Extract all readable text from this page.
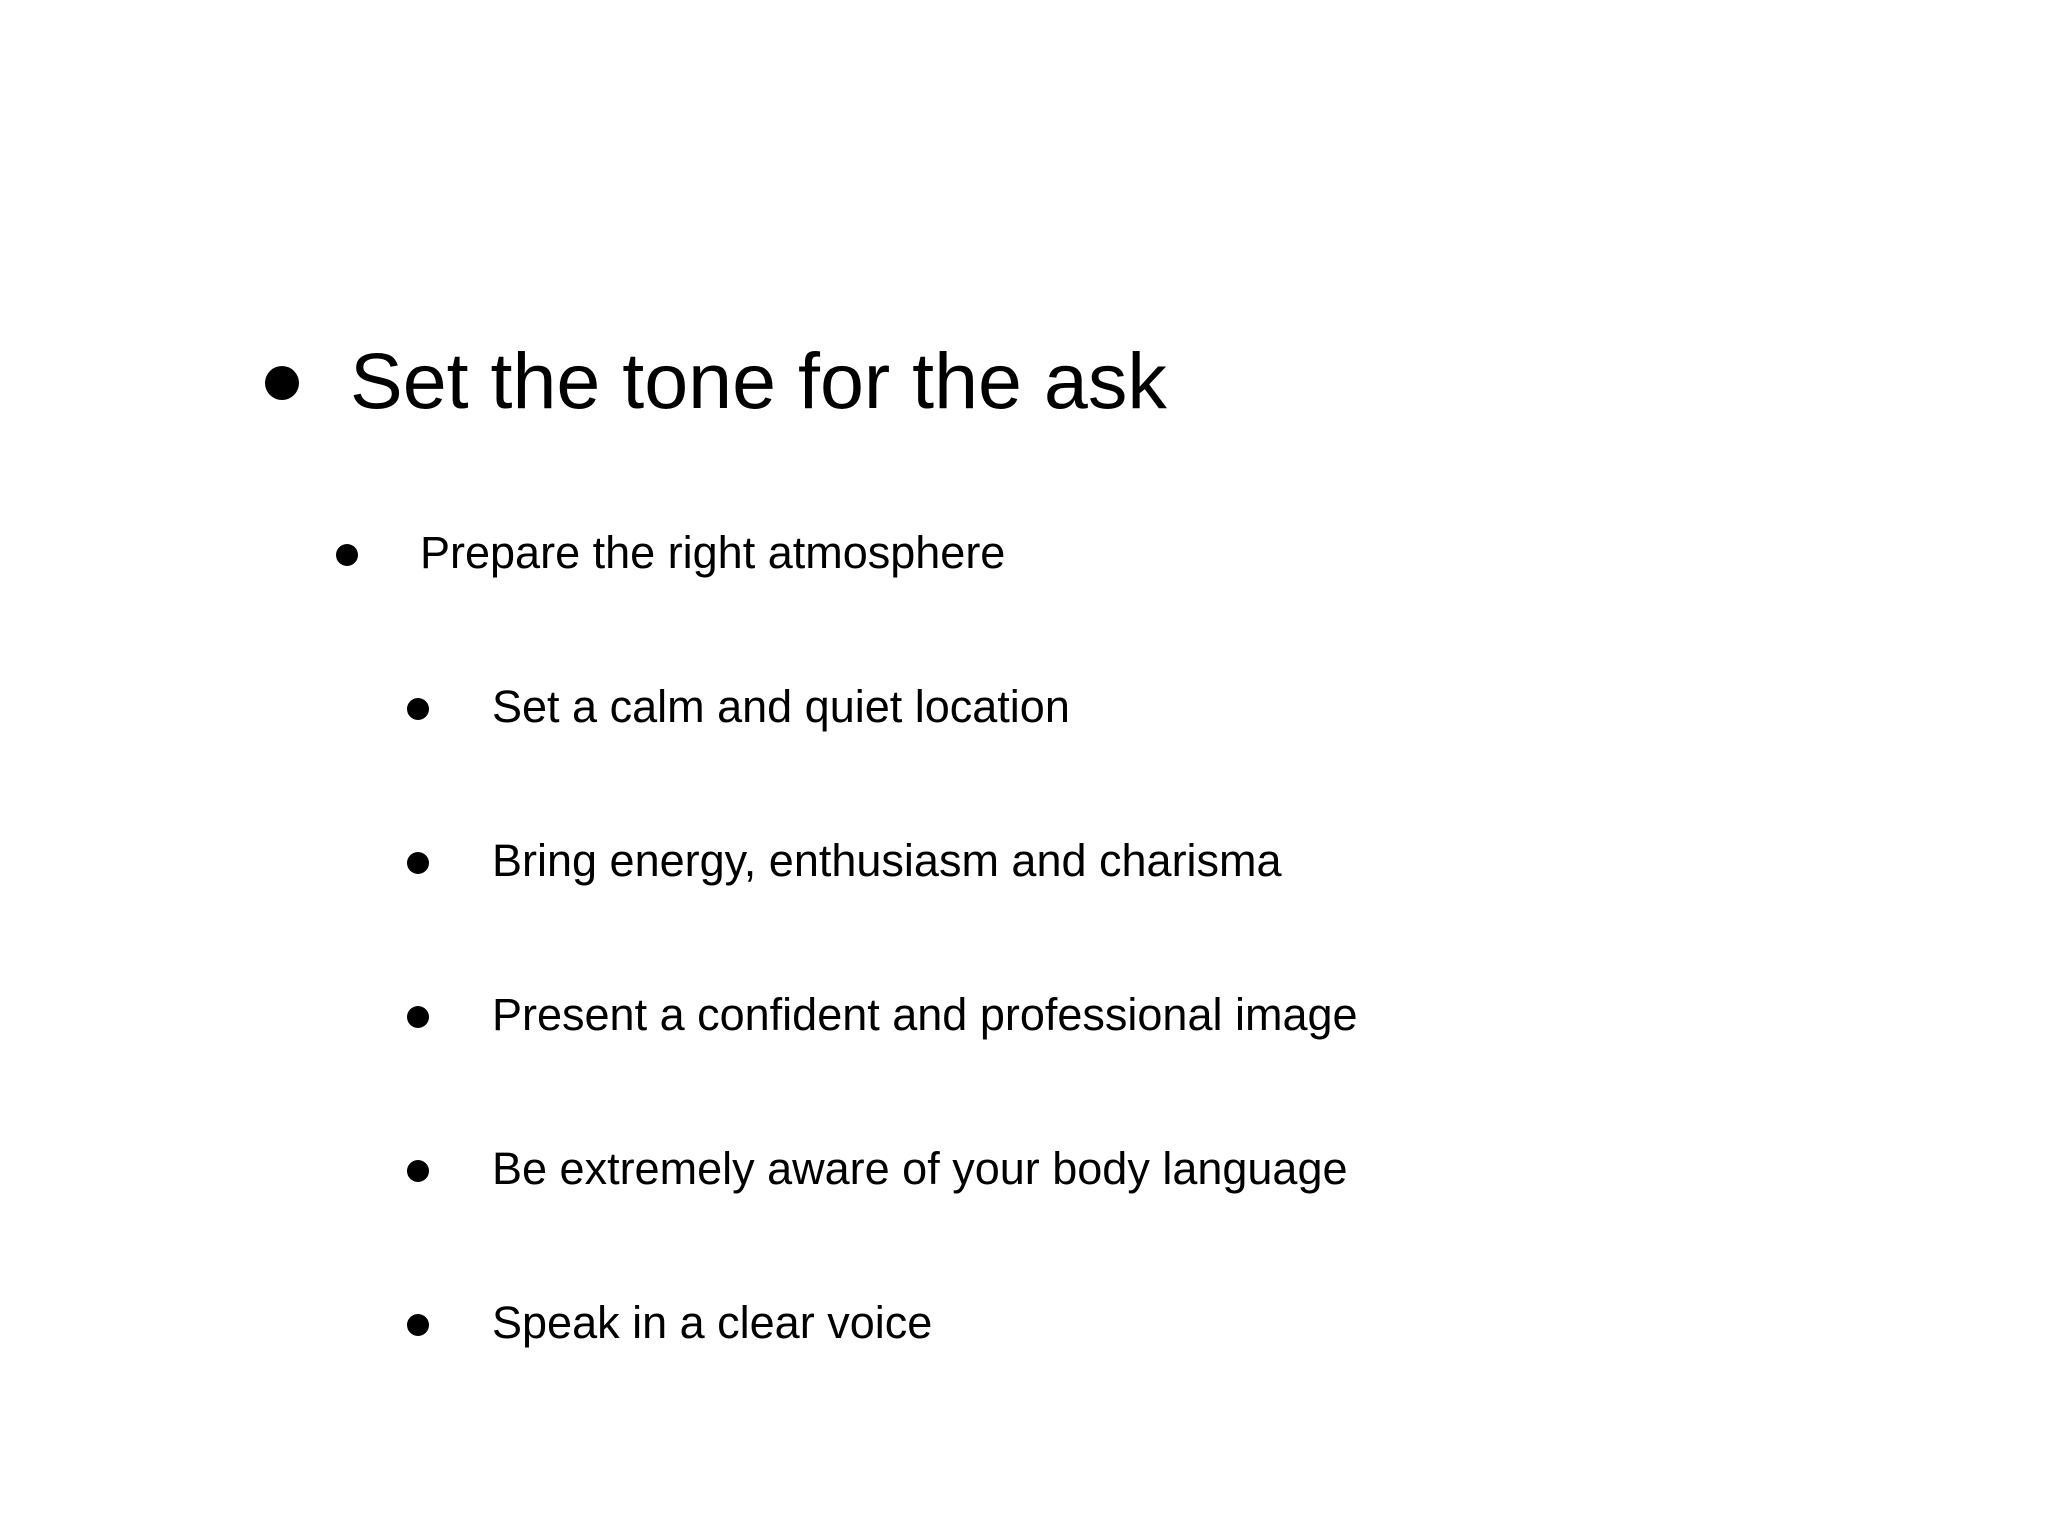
Set the tone for the ask
Prepare the right atmosphere
Set a calm and quiet location
Bring energy, enthusiasm and charisma
Present a confident and professional image
Be extremely aware of your body language
Speak in a clear voice
